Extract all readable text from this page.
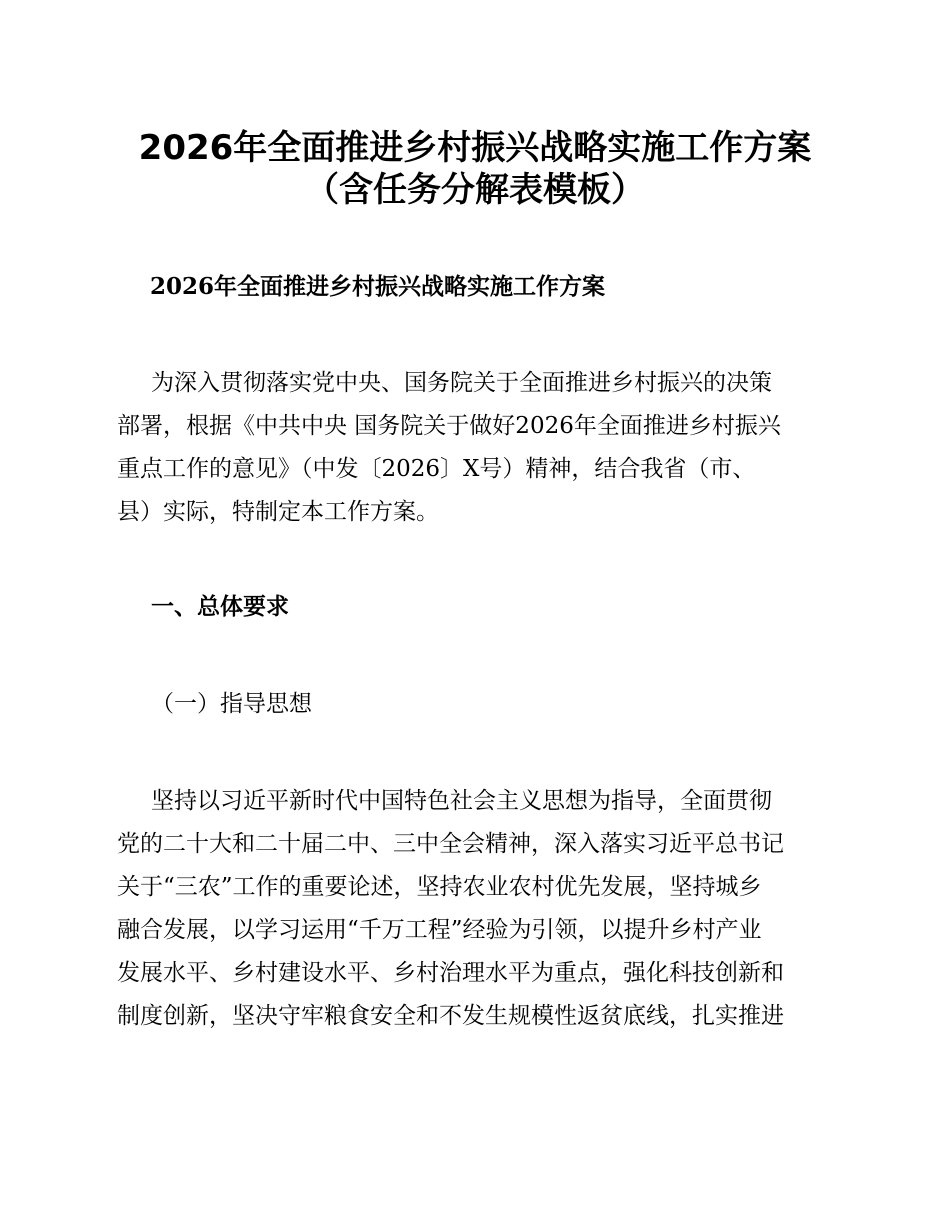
2026年全面推进乡村振兴战略实施工作方案
（含任务分解表模板）

2026年全面推进乡村振兴战略实施工作方案

为深入贯彻落实党中央、国务院关于全面推进乡村振兴的决策

部署，根据《中共中央 国务院关于做好2026年全面推进乡村振兴

重点工作的意见》（中发〔2026〕X号）精神，结合我省（市、

县）实际，特制定本工作方案。

一、总体要求

（一）指导思想

坚持以习近平新时代中国特色社会主义思想为指导，全面贯彻

党的二十大和二十届二中、三中全会精神，深入落实习近平总书记

关于“三农”工作的重要论述，坚持农业农村优先发展，坚持城乡

融合发展，以学习运用“千万工程”经验为引领，以提升乡村产业

发展水平、乡村建设水平、乡村治理水平为重点，强化科技创新和

制度创新，坚决守牢粮食安全和不发生规模性返贫底线，扎实推进
